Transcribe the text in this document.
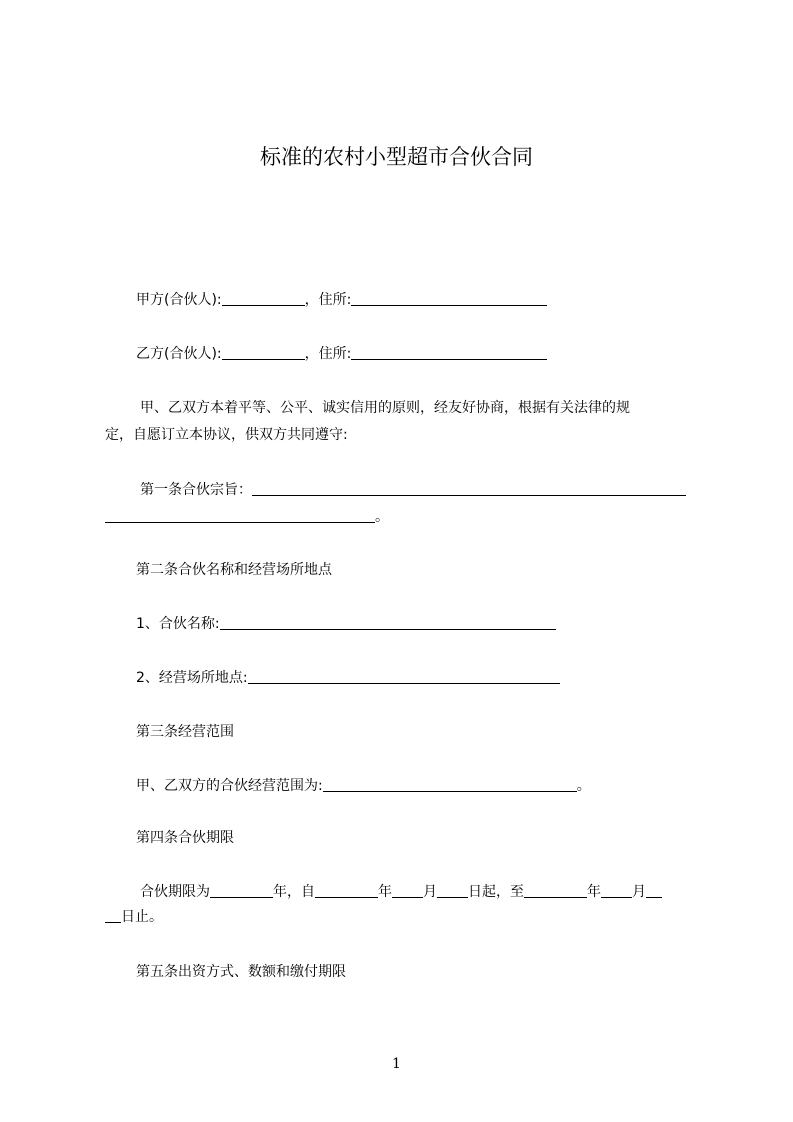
标准的农村小型超市合伙合同
甲方(合伙人):	，住所:
乙方(合伙人):	，住所:
甲、乙双方本着平等、公平、诚实信用的原则，经友好协商，根据有关法律的规
定，自愿订立本协议，供双方共同遵守:
第一条合伙宗旨：
。
第二条合伙名称和经营场所地点
1、合伙名称:
2、经营场所地点:
第三条经营范围
甲、乙双方的合伙经营范围为:	。
第四条合伙期限
合伙期限为	年，自	年 月 日起，至	年 月
日止。
第五条出资方式、数额和缴付期限
1
